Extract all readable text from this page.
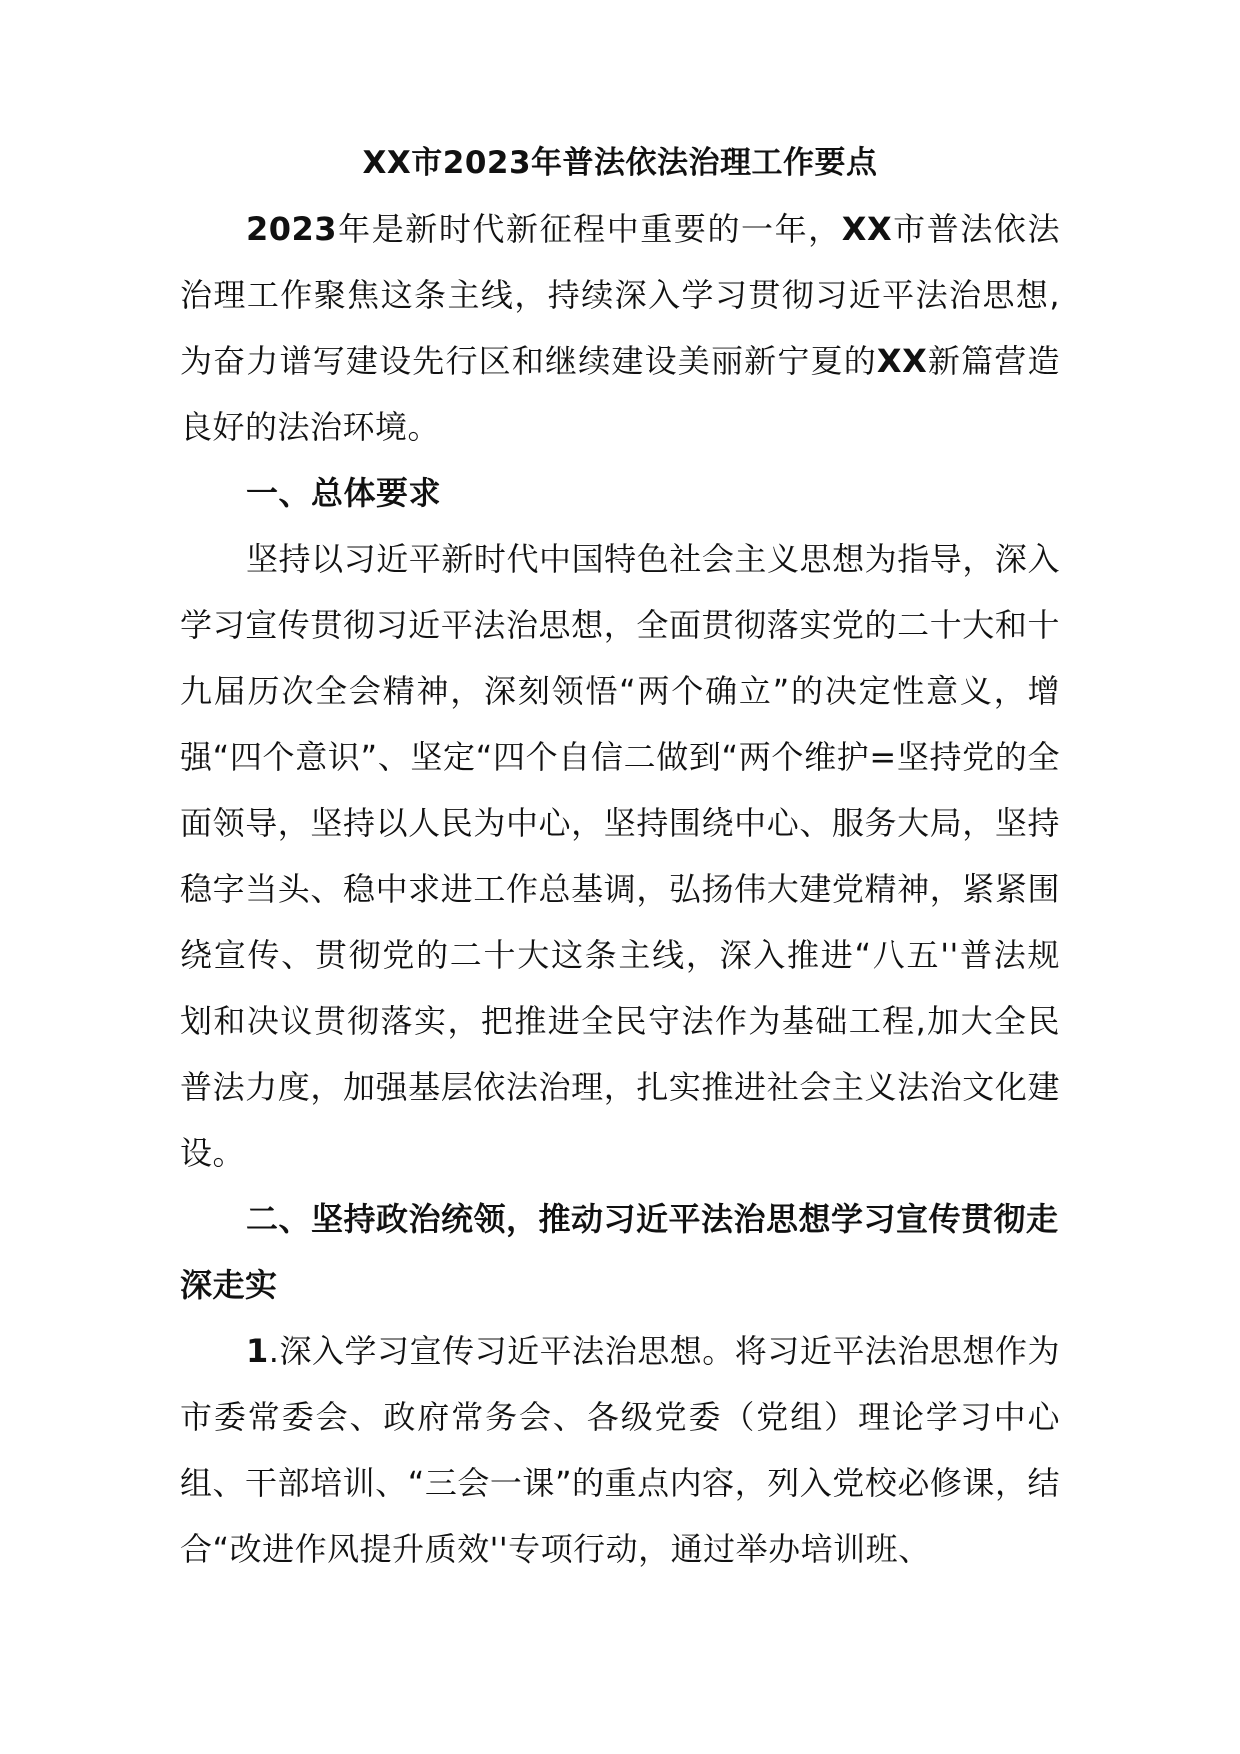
XX市2023年普法依法治理工作要点

2023年是新时代新征程中重要的一年，XX市普法依法治理工作聚焦这条主线，持续深入学习贯彻习近平法治思想,为奋力谱写建设先行区和继续建设美丽新宁夏的XX新篇营造良好的法治环境。

一、总体要求

坚持以习近平新时代中国特色社会主义思想为指导，深入学习宣传贯彻习近平法治思想，全面贯彻落实党的二十大和十九届历次全会精神，深刻领悟“两个确立”的决定性意义，增强“四个意识”、坚定“四个自信二做到“两个维护=坚持党的全面领导，坚持以人民为中心，坚持围绕中心、服务大局，坚持稳字当头、稳中求进工作总基调，弘扬伟大建党精神，紧紧围绕宣传、贯彻党的二十大这条主线，深入推进“八五''普法规划和决议贯彻落实，把推进全民守法作为基础工程,加大全民普法力度，加强基层依法治理，扎实推进社会主义法治文化建设。

二、坚持政治统领，推动习近平法治思想学习宣传贯彻走深走实

1.深入学习宣传习近平法治思想。将习近平法治思想作为市委常委会、政府常务会、各级党委（党组）理论学习中心组、干部培训、“三会一课”的重点内容，列入党校必修课，结合“改进作风提升质效''专项行动，通过举办培训班、
